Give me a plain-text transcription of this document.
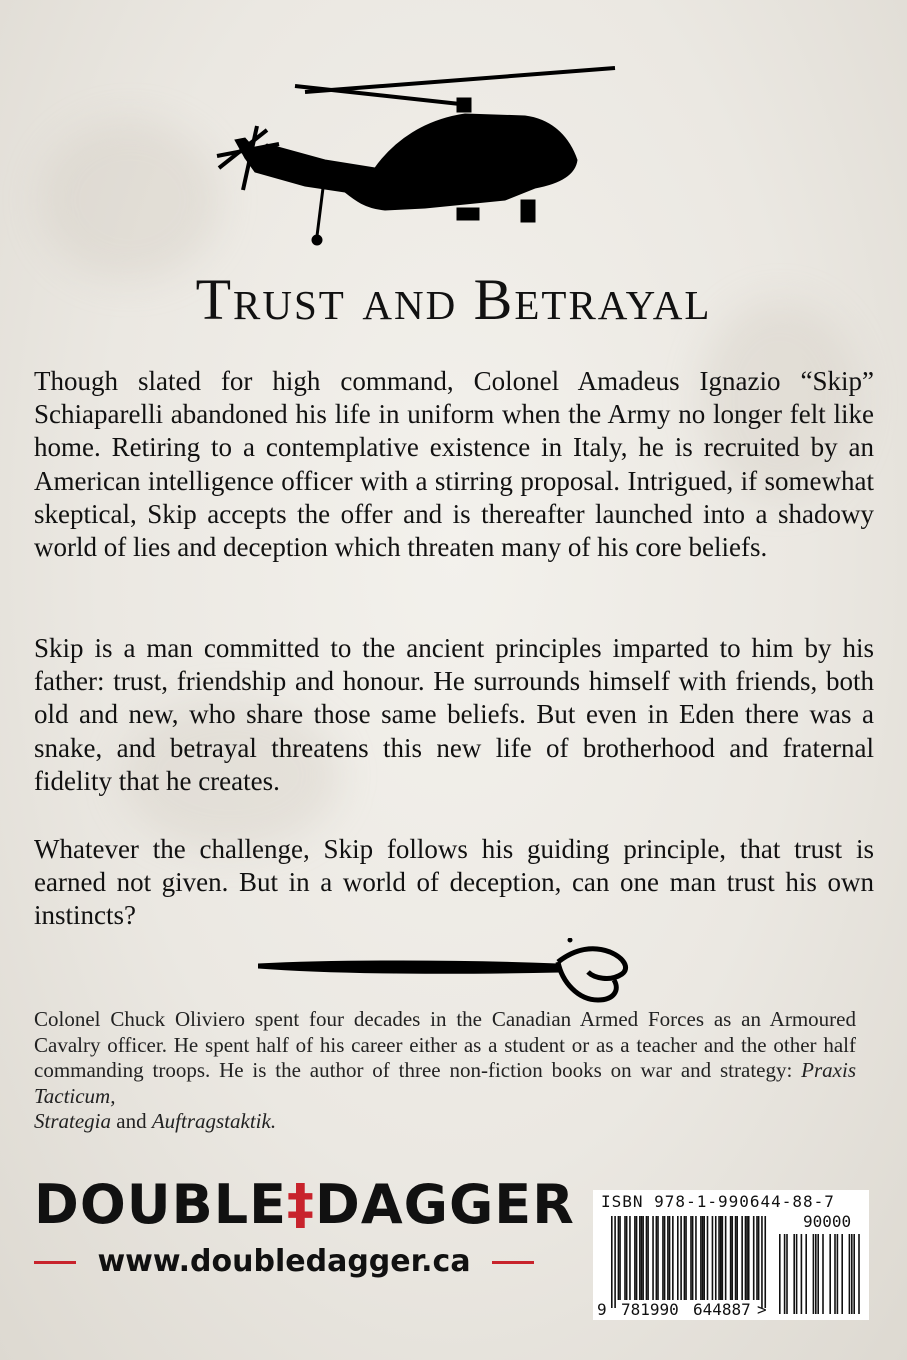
Trust and Betrayal

Though slated for high command, Colonel Amadeus Ignazio “Skip” Schiaparelli abandoned his life in uniform when the Army no longer felt like home. Retiring to a contemplative existence in Italy, he is recruited by an American intelligence officer with a stirring proposal. Intrigued, if somewhat skeptical, Skip accepts the offer and is thereafter launched into a shadowy world of lies and deception which threaten many of his core beliefs.

Skip is a man committed to the ancient principles imparted to him by his father: trust, friendship and honour. He surrounds himself with friends, both old and new, who share those same beliefs. But even in Eden there was a snake, and betrayal threatens this new life of brotherhood and fraternal fidelity that he creates.

Whatever the challenge, Skip follows his guiding principle, that trust is earned not given. But in a world of deception, can one man trust his own instincts?

Colonel Chuck Oliviero spent four decades in the Canadian Armed Forces as an Armoured Cavalry officer. He spent half of his career either as a student or as a teacher and the other half commanding troops. He is the author of three non-fiction books on war and strategy: Praxis Tacticum,
Strategia and Auftragstaktik.

DOUBLE‡DAGGER
www.doubledagger.ca
ISBN 978-1-990644-88-7
90000
9 781990 644887 >
